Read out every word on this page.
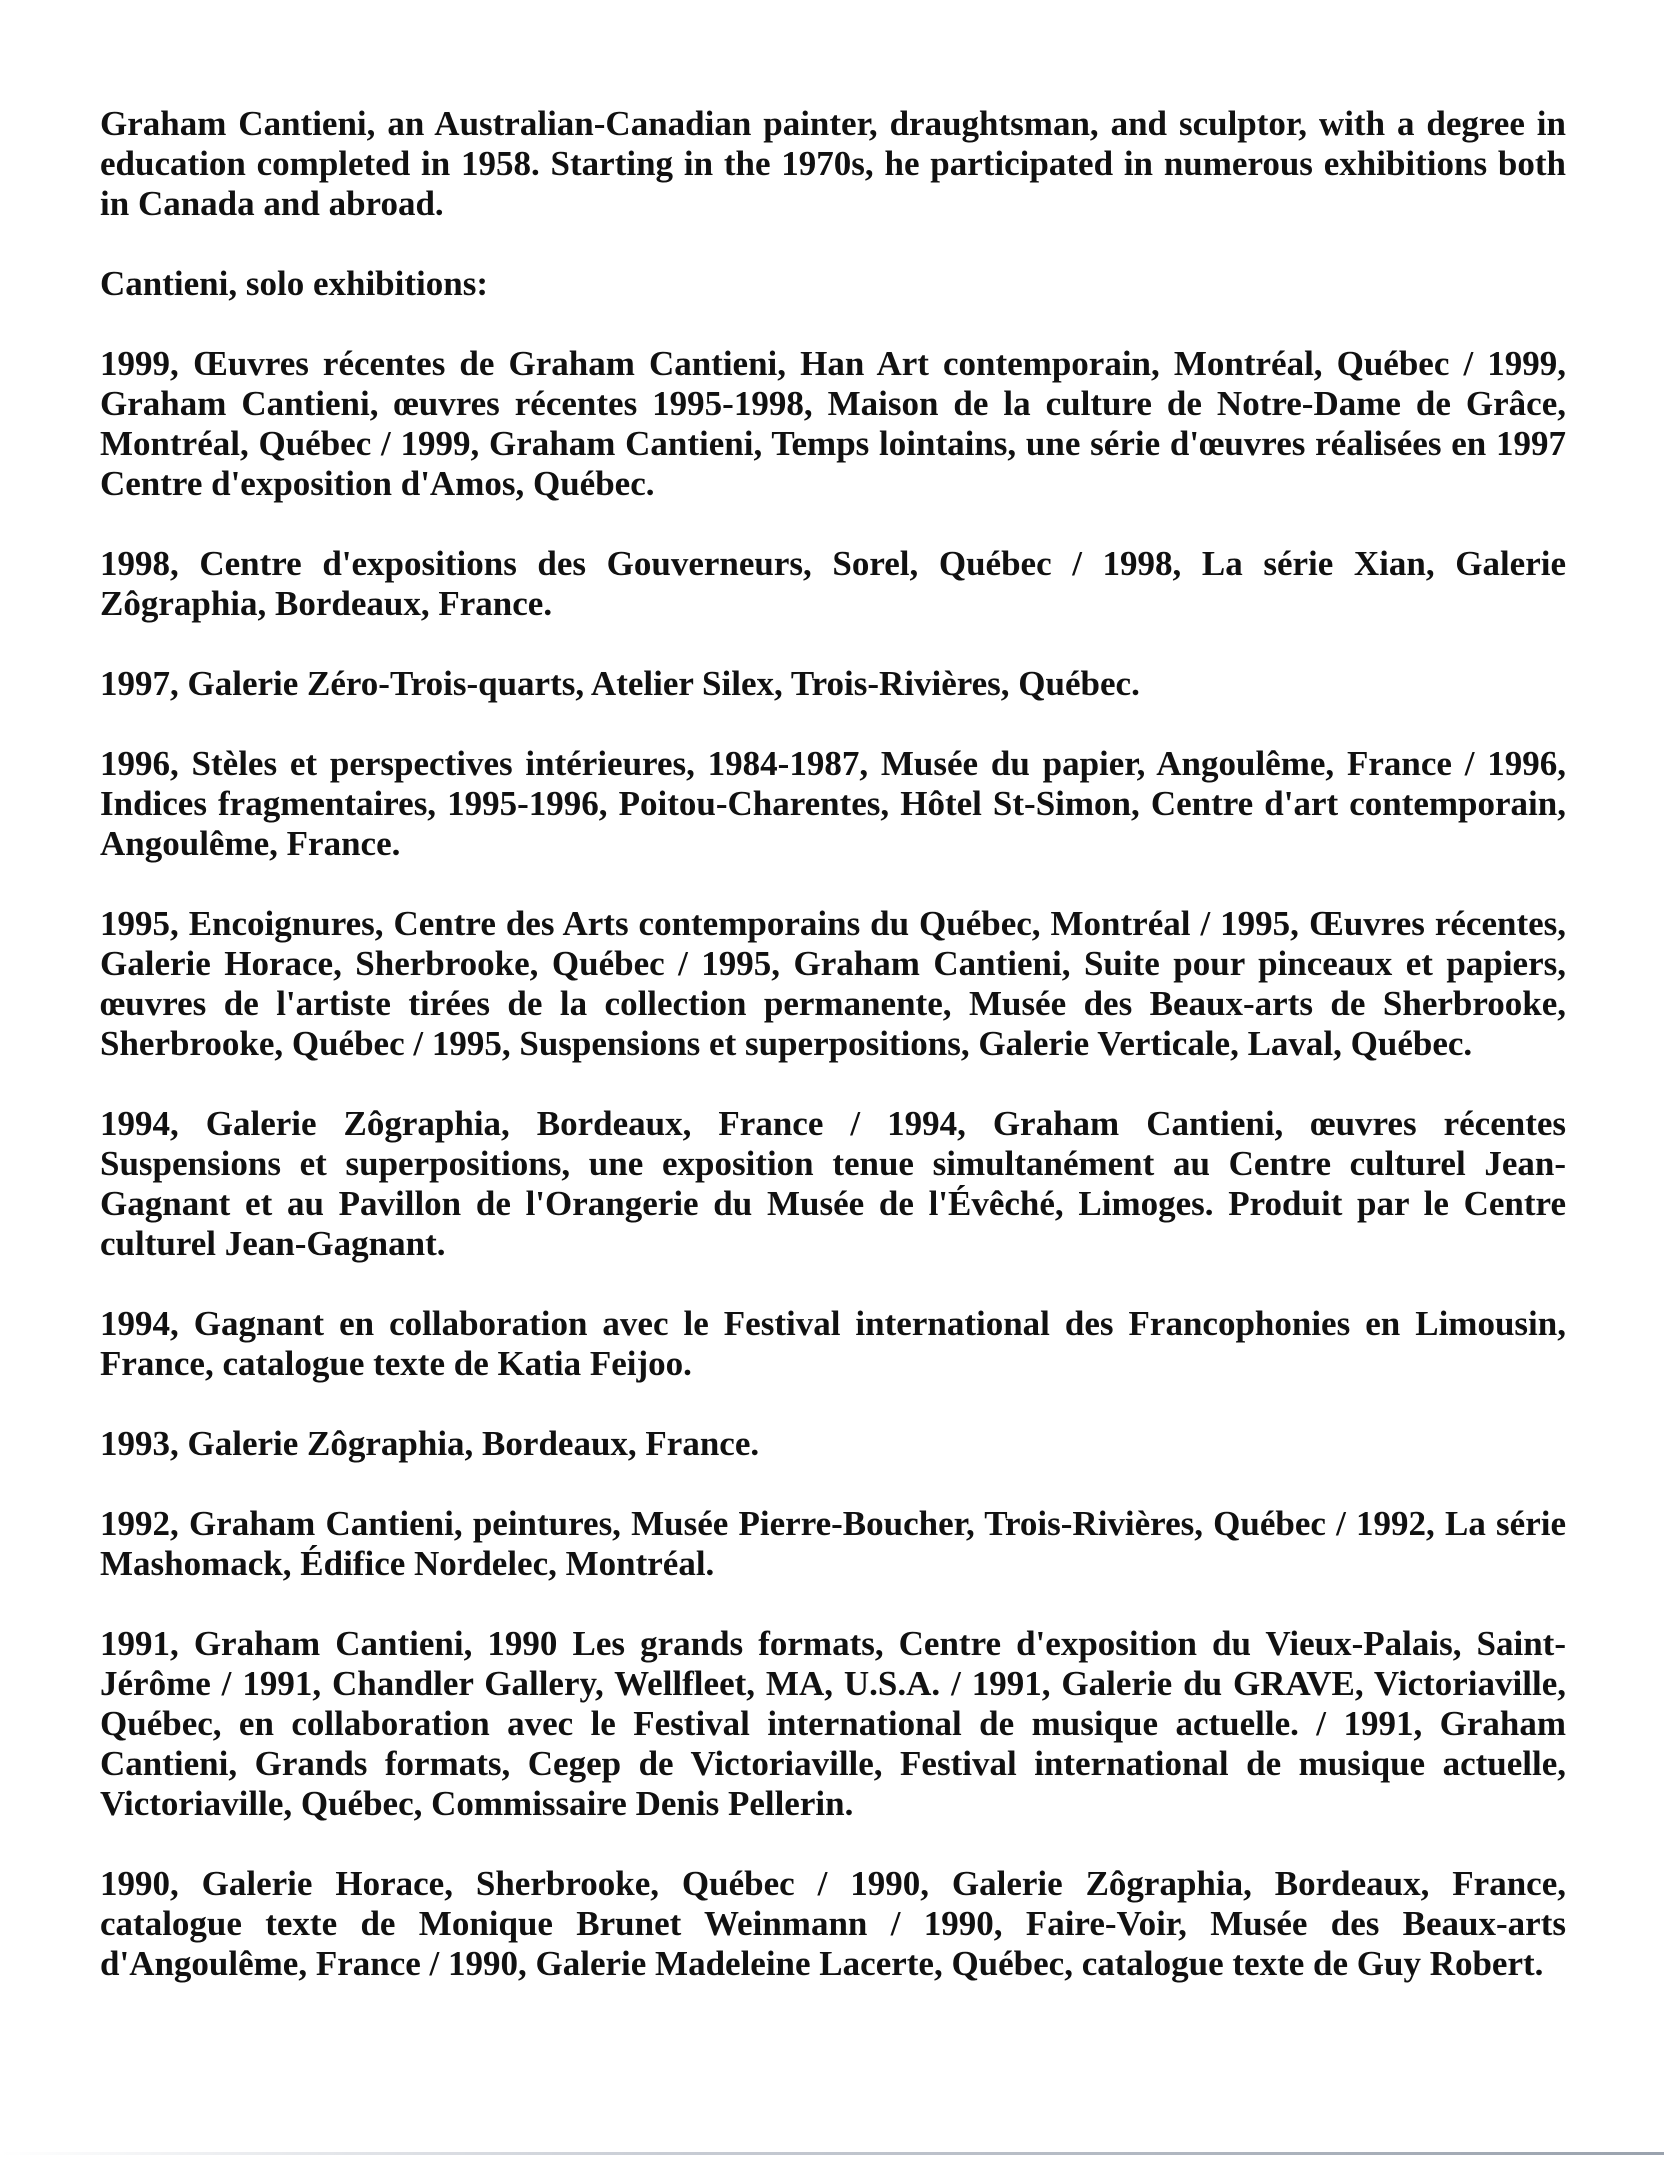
Graham Cantieni, an Australian-Canadian painter, draughtsman, and sculptor, with a degree in education completed in 1958. Starting in the 1970s, he participated in numerous exhibitions both in Canada and abroad.

Cantieni, solo exhibitions:

1999, Œuvres récentes de Graham Cantieni, Han Art contemporain, Montréal, Québec / 1999, Graham Cantieni, œuvres récentes 1995-1998, Maison de la culture de Notre-Dame de Grâce, Montréal, Québec / 1999, Graham Cantieni, Temps lointains, une série d'œuvres réalisées en 1997 Centre d'exposition d'Amos, Québec.

1998, Centre d'expositions des Gouverneurs, Sorel, Québec / 1998, La série Xian, Galerie Zôgraphia, Bordeaux, France.

1997, Galerie Zéro-Trois-quarts, Atelier Silex, Trois-Rivières, Québec.

1996, Stèles et perspectives intérieures, 1984-1987, Musée du papier, Angoulême, France / 1996, Indices fragmentaires, 1995-1996, Poitou-Charentes, Hôtel St-Simon, Centre d'art contemporain, Angoulême, France.

1995, Encoignures, Centre des Arts contemporains du Québec, Montréal / 1995, Œuvres récentes, Galerie Horace, Sherbrooke, Québec / 1995, Graham Cantieni, Suite pour pinceaux et papiers, œuvres de l'artiste tirées de la collection permanente, Musée des Beaux-arts de Sherbrooke, Sherbrooke, Québec / 1995, Suspensions et superpositions, Galerie Verticale, Laval, Québec.

1994, Galerie Zôgraphia, Bordeaux, France / 1994, Graham Cantieni, œuvres récentes Suspensions et superpositions, une exposition tenue simultanément au Centre culturel Jean-Gagnant et au Pavillon de l'Orangerie du Musée de l'Évêché, Limoges. Produit par le Centre culturel Jean-Gagnant.

1994, Gagnant en collaboration avec le Festival international des Francophonies en Limousin, France, catalogue texte de Katia Feijoo.

1993, Galerie Zôgraphia, Bordeaux, France.

1992, Graham Cantieni, peintures, Musée Pierre-Boucher, Trois-Rivières, Québec / 1992, La série Mashomack, Édifice Nordelec, Montréal.

1991, Graham Cantieni, 1990 Les grands formats, Centre d'exposition du Vieux-Palais, Saint-Jérôme / 1991, Chandler Gallery, Wellfleet, MA, U.S.A. / 1991, Galerie du GRAVE, Victoriaville, Québec, en collaboration avec le Festival international de musique actuelle. / 1991, Graham Cantieni, Grands formats, Cegep de Victoriaville, Festival international de musique actuelle, Victoriaville, Québec, Commissaire Denis Pellerin.

1990, Galerie Horace, Sherbrooke, Québec / 1990, Galerie Zôgraphia, Bordeaux, France, catalogue texte de Monique Brunet Weinmann / 1990, Faire-Voir, Musée des Beaux-arts d'Angoulême, France / 1990, Galerie Madeleine Lacerte, Québec, catalogue texte de Guy Robert.
